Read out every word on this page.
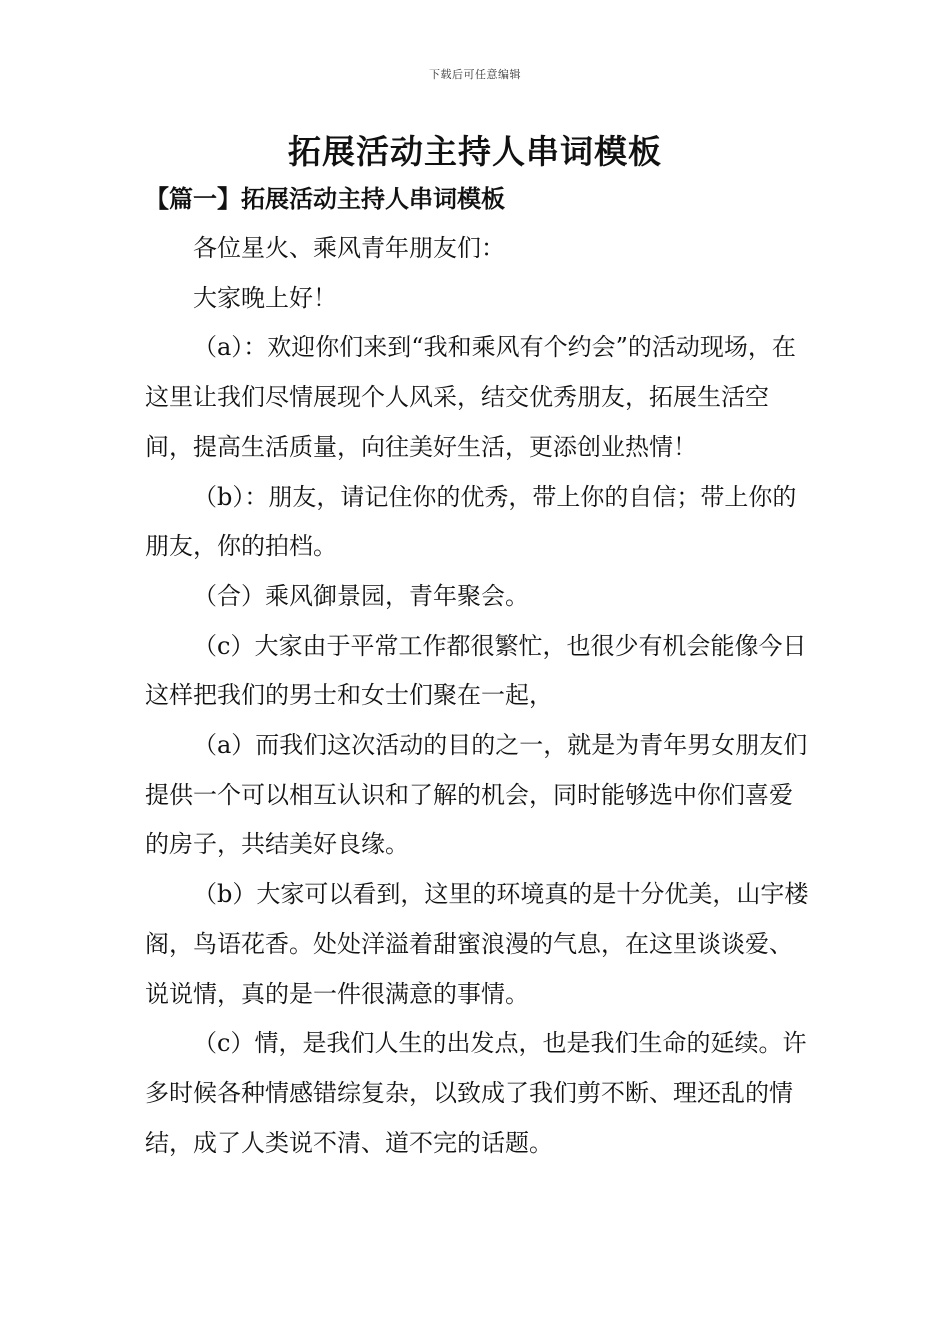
下载后可任意编辑
拓展活动主持人串词模板
【篇一】拓展活动主持人串词模板

各位星火、乘风青年朋友们：

大家晚上好！

（a）：欢迎你们来到“我和乘风有个约会”的活动现场，在这里让我们尽情展现个人风采，结交优秀朋友，拓展生活空间，提高生活质量，向往美好生活，更添创业热情！

（b）：朋友，请记住你的优秀，带上你的自信；带上你的朋友，你的拍档。

（合）乘风御景园，青年聚会。

（c）大家由于平常工作都很繁忙，也很少有机会能像今日这样把我们的男士和女士们聚在一起，

（a）而我们这次活动的目的之一，就是为青年男女朋友们提供一个可以相互认识和了解的机会，同时能够选中你们喜爱的房子，共结美好良缘。

（b）大家可以看到，这里的环境真的是十分优美，山宇楼阁，鸟语花香。处处洋溢着甜蜜浪漫的气息，在这里谈谈爱、说说情，真的是一件很满意的事情。

（c）情，是我们人生的出发点，也是我们生命的延续。许多时候各种情感错综复杂，以致成了我们剪不断、理还乱的情结，成了人类说不清、道不完的话题。
